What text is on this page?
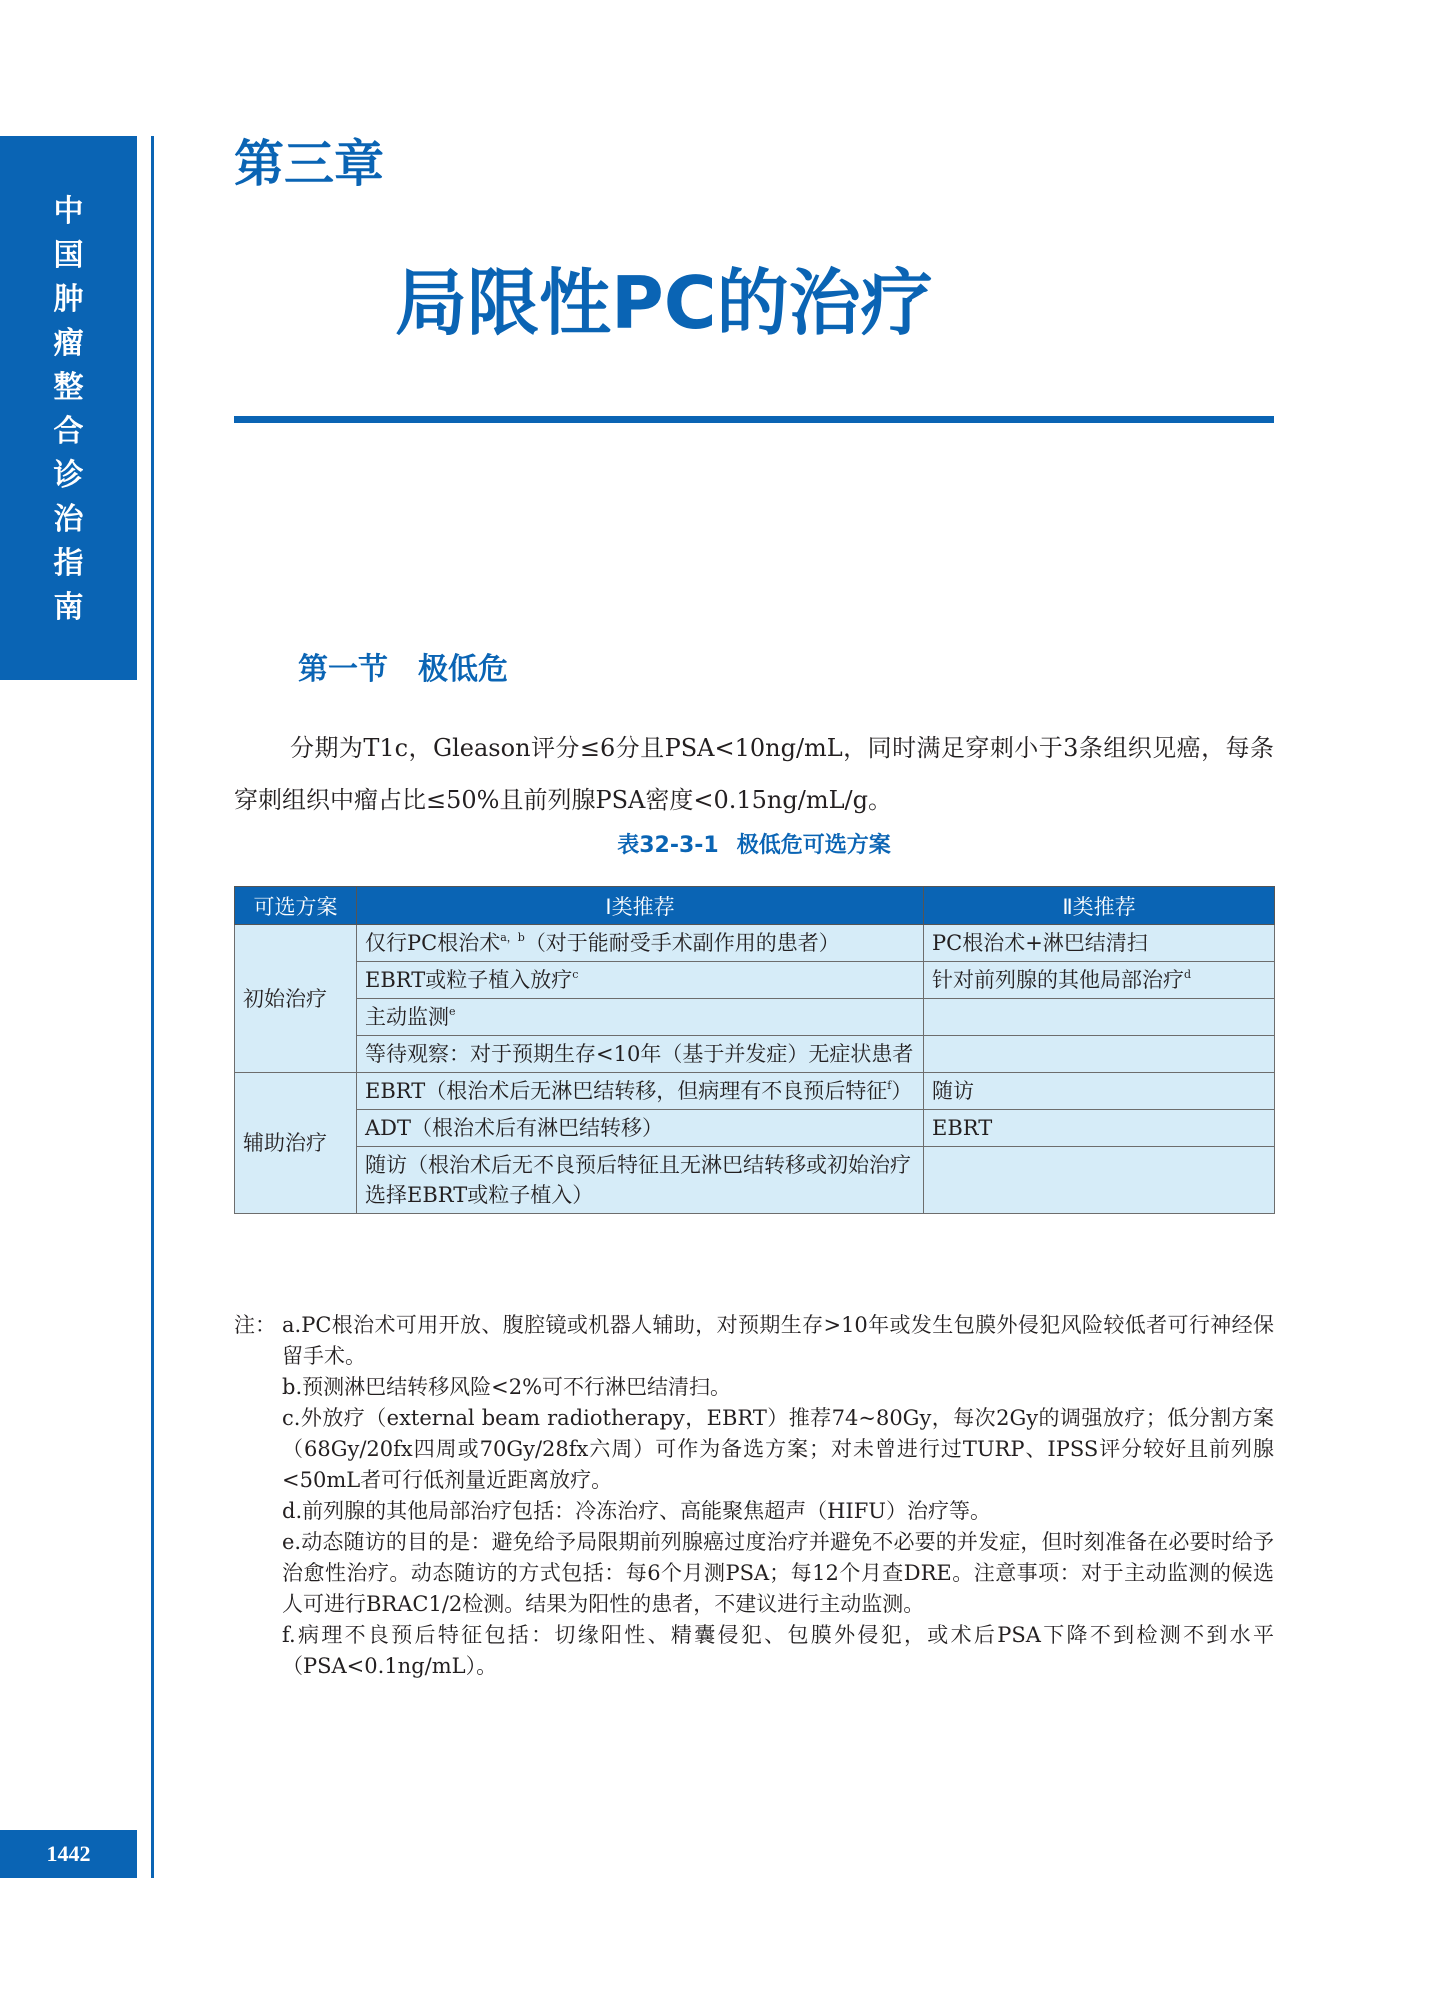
中
国
肿
瘤
整
合
诊
治
指
南
1442
第三章
局限性PC的治疗
第一节　极低危

分期为T1c，Gleason评分≤6分且PSA<10ng/mL，同时满足穿刺小于3条组织见癌，每条穿刺组织中瘤占比≤50%且前列腺PSA密度<0.15ng/mL/g。

表32-3-1 极低危可选方案
可选方案	Ⅰ类推荐	Ⅱ类推荐
初始治疗	仅行PC根治术$^{a,b}$（对于能耐受手术副作用的患者）	PC根治术+淋巴结清扫
	EBRT或粒子植入放疗$^c$	针对前列腺的其他局部治疗$^d$
	主动监测$^e$	
	等待观察：对于预期生存<10年（基于并发症）无症状患者	
辅助治疗	EBRT（根治术后无淋巴结转移，但病理有不良预后特征$^f$）	随访
	ADT（根治术后有淋巴结转移）	EBRT
	随访（根治术后无不良预后特征且无淋巴结转移或初始治疗选择EBRT或粒子植入）	
注： a.PC根治术可用开放、腹腔镜或机器人辅助，对预期生存>10年或发生包膜外侵犯风险较低者可行神经保留手术。
b.预测淋巴结转移风险<2%可不行淋巴结清扫。
c.外放疗（external beam radiotherapy，EBRT）推荐74~80Gy，每次2Gy的调强放疗；低分割方案（68Gy/20fx四周或70Gy/28fx六周）可作为备选方案；对未曾进行过TURP、IPSS评分较好且前列腺<50mL者可行低剂量近距离放疗。
d.前列腺的其他局部治疗包括：冷冻治疗、高能聚焦超声（HIFU）治疗等。
e.动态随访的目的是：避免给予局限期前列腺癌过度治疗并避免不必要的并发症，但时刻准备在必要时给予治愈性治疗。动态随访的方式包括：每6个月测PSA；每12个月查DRE。注意事项：对于主动监测的候选人可进行BRAC1/2检测。结果为阳性的患者，不建议进行主动监测。
f.病理不良预后特征包括：切缘阳性、精囊侵犯、包膜外侵犯，或术后PSA下降不到检测不到水平（PSA<0.1ng/mL）。
